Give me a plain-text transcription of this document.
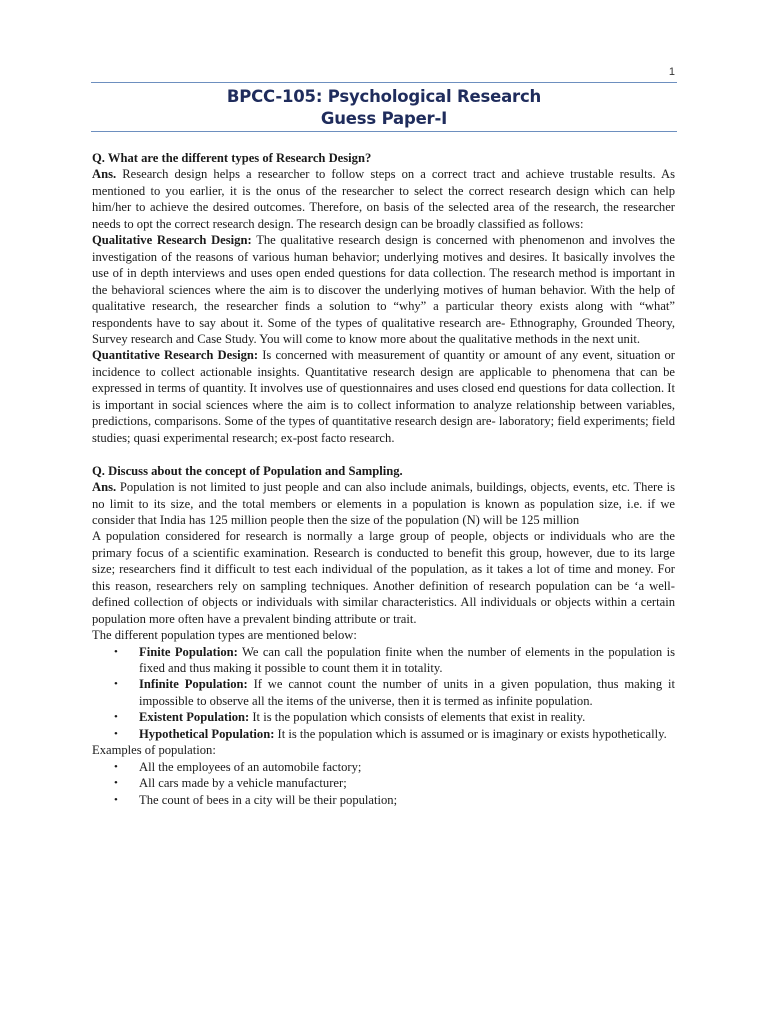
1
BPCC-105: Psychological Research
Guess Paper-I

Q. What are the different types of Research Design?

Ans. Research design helps a researcher to follow steps on a correct tract and achieve trustable results. As mentioned to you earlier, it is the onus of the researcher to select the correct research design which can help him/her to achieve the desired outcomes. Therefore, on basis of the selected area of the research, the researcher needs to opt the correct research design. The research design can be broadly classified as follows:

Qualitative Research Design: The qualitative research design is concerned with phenomenon and involves the investigation of the reasons of various human behavior; underlying motives and desires. It basically involves the use of in depth interviews and uses open ended questions for data collection. The research method is important in the behavioral sciences where the aim is to discover the underlying motives of human behavior. With the help of qualitative research, the researcher finds a solution to “why” a particular theory exists along with “what” respondents have to say about it. Some of the types of qualitative research are- Ethnography, Grounded Theory, Survey research and Case Study. You will come to know more about the qualitative methods in the next unit.

Quantitative Research Design: Is concerned with measurement of quantity or amount of any event, situation or incidence to collect actionable insights. Quantitative research design are applicable to phenomena that can be expressed in terms of quantity. It involves use of questionnaires and uses closed end questions for data collection. It is important in social sciences where the aim is to collect information to analyze relationship between variables, predictions, comparisons. Some of the types of quantitative research design are- laboratory; field experiments; field studies; quasi experimental research; ex-post facto research.

Q. Discuss about the concept of Population and Sampling.

Ans. Population is not limited to just people and can also include animals, buildings, objects, events, etc. There is no limit to its size, and the total members or elements in a population is known as population size, i.e. if we consider that India has 125 million people then the size of the population (N) will be 125 million

A population considered for research is normally a large group of people, objects or individuals who are the primary focus of a scientific examination. Research is conducted to benefit this group, however, due to its large size; researchers find it difficult to test each individual of the population, as it takes a lot of time and money. For this reason, researchers rely on sampling techniques. Another definition of research population can be ‘a well-defined collection of objects or individuals with similar characteristics. All individuals or objects within a certain population more often have a prevalent binding attribute or trait.

The different population types are mentioned below:

• Finite Population: We can call the population finite when the number of elements in the population is fixed and thus making it possible to count them it in totality.
• Infinite Population: If we cannot count the number of units in a given population, thus making it impossible to observe all the items of the universe, then it is termed as infinite population.
• Existent Population: It is the population which consists of elements that exist in reality.
• Hypothetical Population: It is the population which is assumed or is imaginary or exists hypothetically.

Examples of population:

• All the employees of an automobile factory;
• All cars made by a vehicle manufacturer;
• The count of bees in a city will be their population;
